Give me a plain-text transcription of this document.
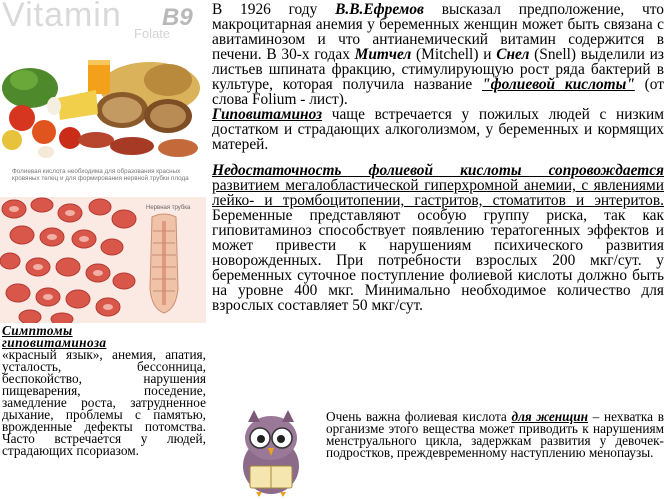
Vitamin Folate
B9
Фолиевая кислота необходима для образования красных кровяных телец и для формирования нервной трубки плода
Нервная трубка
Симптомы
гиповитаминоза
«красный язык», анемия, апатия, усталость, бессонница, беспокойство, нарушения пищеварения, поседение, замедление роста, затрудненное дыхание, проблемы с памятью, врожденные дефекты потомства. Часто встречается у людей, страдающих псориазом.

В 1926 году В.В.Ефремов высказал предположение, что макроцитарная анемия у беременных женщин может быть связана с авитаминозом и что антианемический витамин содержится в печени. В 30-х годах Митчел (Mitchell) и Снел (Snell) выделили из листьев шпината фракцию, стимулирующую рост ряда бактерий в культуре, которая получила название "фолиевой кислоты" (от слова Folium - лист).

Гиповитаминоз чаще встречается у пожилых людей с низким достатком и страдающих алкоголизмом, у беременных и кормящих матерей.

Недостаточность фолиевой кислоты сопровождается развитием мегалобластической гиперхромной анемии, с явлениями лейко- и тромбоцитопении, гастритов, стоматитов и энтеритов. Беременные представляют особую группу риска, так как гиповитаминоз способствует появлению тератогенных эффектов и может привести к нарушениям психического развития новорожденных. При потребности взрослых 200 мкг/сут. у беременных суточное поступление фолиевой кислоты должно быть на уровне 400 мкг. Минимально необходимое количество для взрослых составляет 50 мкг/сут.

Очень важна фолиевая кислота для женщин – нехватка в организме этого вещества может приводить к нарушениям менструального цикла, задержкам развития у девочек-подростков, преждевременному наступлению менопаузы.
